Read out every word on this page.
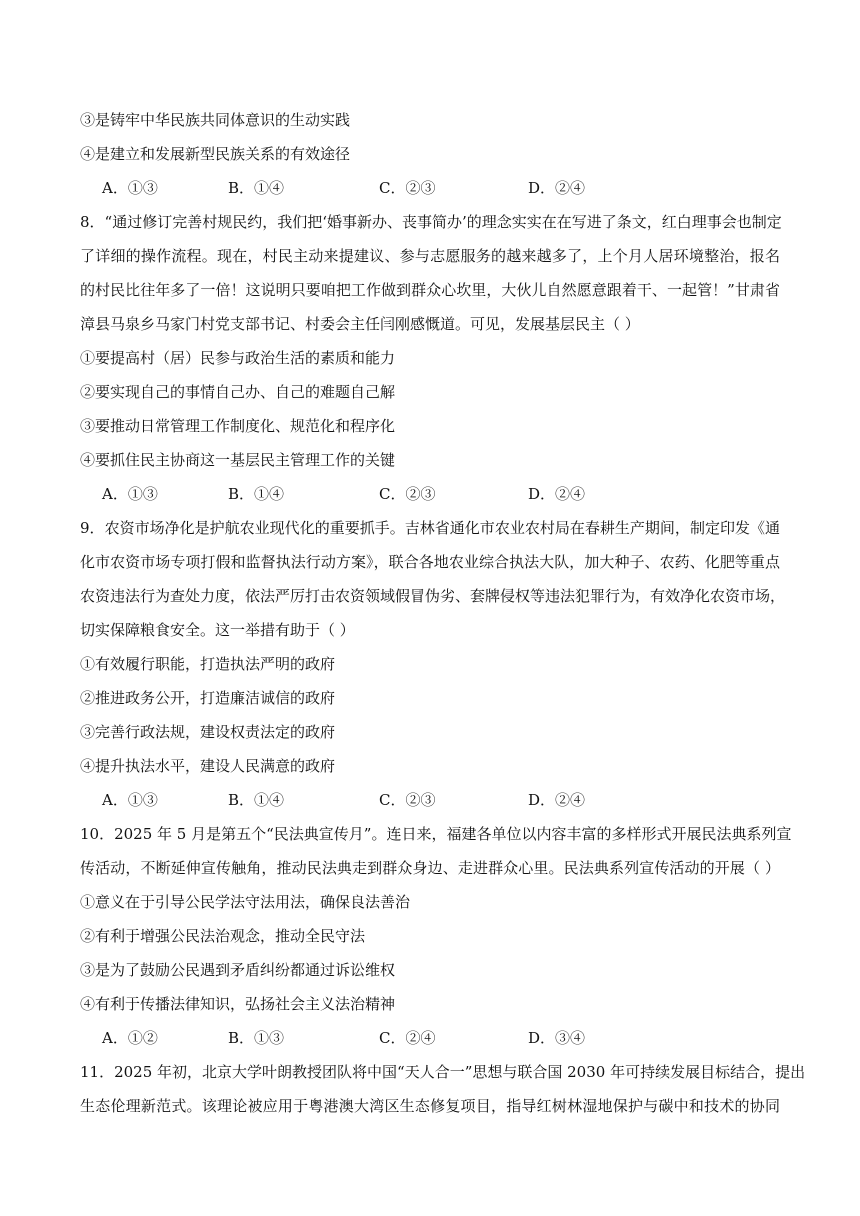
③是铸牢中华民族共同体意识的生动实践
④是建立和发展新型民族关系的有效途径
A．①③	B．①④	C．②③	D．②④
8．“通过修订完善村规民约，我们把‘婚事新办、丧事简办’的理念实实在在写进了条文，红白理事会也制定
了详细的操作流程。现在，村民主动来提建议、参与志愿服务的越来越多了，上个月人居环境整治，报名
的村民比往年多了一倍！这说明只要咱把工作做到群众心坎里，大伙儿自然愿意跟着干、一起管！”甘肃省
漳县马泉乡马家门村党支部书记、村委会主任闫刚感慨道。可见，发展基层民主（ ）
①要提高村（居）民参与政治生活的素质和能力
②要实现自己的事情自己办、自己的难题自己解
③要推动日常管理工作制度化、规范化和程序化
④要抓住民主协商这一基层民主管理工作的关键
A．①③	B．①④	C．②③	D．②④
9．农资市场净化是护航农业现代化的重要抓手。吉林省通化市农业农村局在春耕生产期间，制定印发《通
化市农资市场专项打假和监督执法行动方案》，联合各地农业综合执法大队，加大种子、农药、化肥等重点
农资违法行为查处力度，依法严厉打击农资领域假冒伪劣、套牌侵权等违法犯罪行为，有效净化农资市场，
切实保障粮食安全。这一举措有助于（ ）
①有效履行职能，打造执法严明的政府
②推进政务公开，打造廉洁诚信的政府
③完善行政法规，建设权责法定的政府
④提升执法水平，建设人民满意的政府
A．①③	B．①④	C．②③	D．②④
10．2025 年 5 月是第五个“民法典宣传月”。连日来，福建各单位以内容丰富的多样形式开展民法典系列宣
传活动，不断延伸宣传触角，推动民法典走到群众身边、走进群众心里。民法典系列宣传活动的开展（ ）
①意义在于引导公民学法守法用法，确保良法善治
②有利于增强公民法治观念，推动全民守法
③是为了鼓励公民遇到矛盾纠纷都通过诉讼维权
④有利于传播法律知识，弘扬社会主义法治精神
A．①②	B．①③	C．②④	D．③④
11．2025 年初，北京大学叶朗教授团队将中国“天人合一”思想与联合国 2030 年可持续发展目标结合，提出
生态伦理新范式。该理论被应用于粤港澳大湾区生态修复项目，指导红树林湿地保护与碳中和技术的协同
